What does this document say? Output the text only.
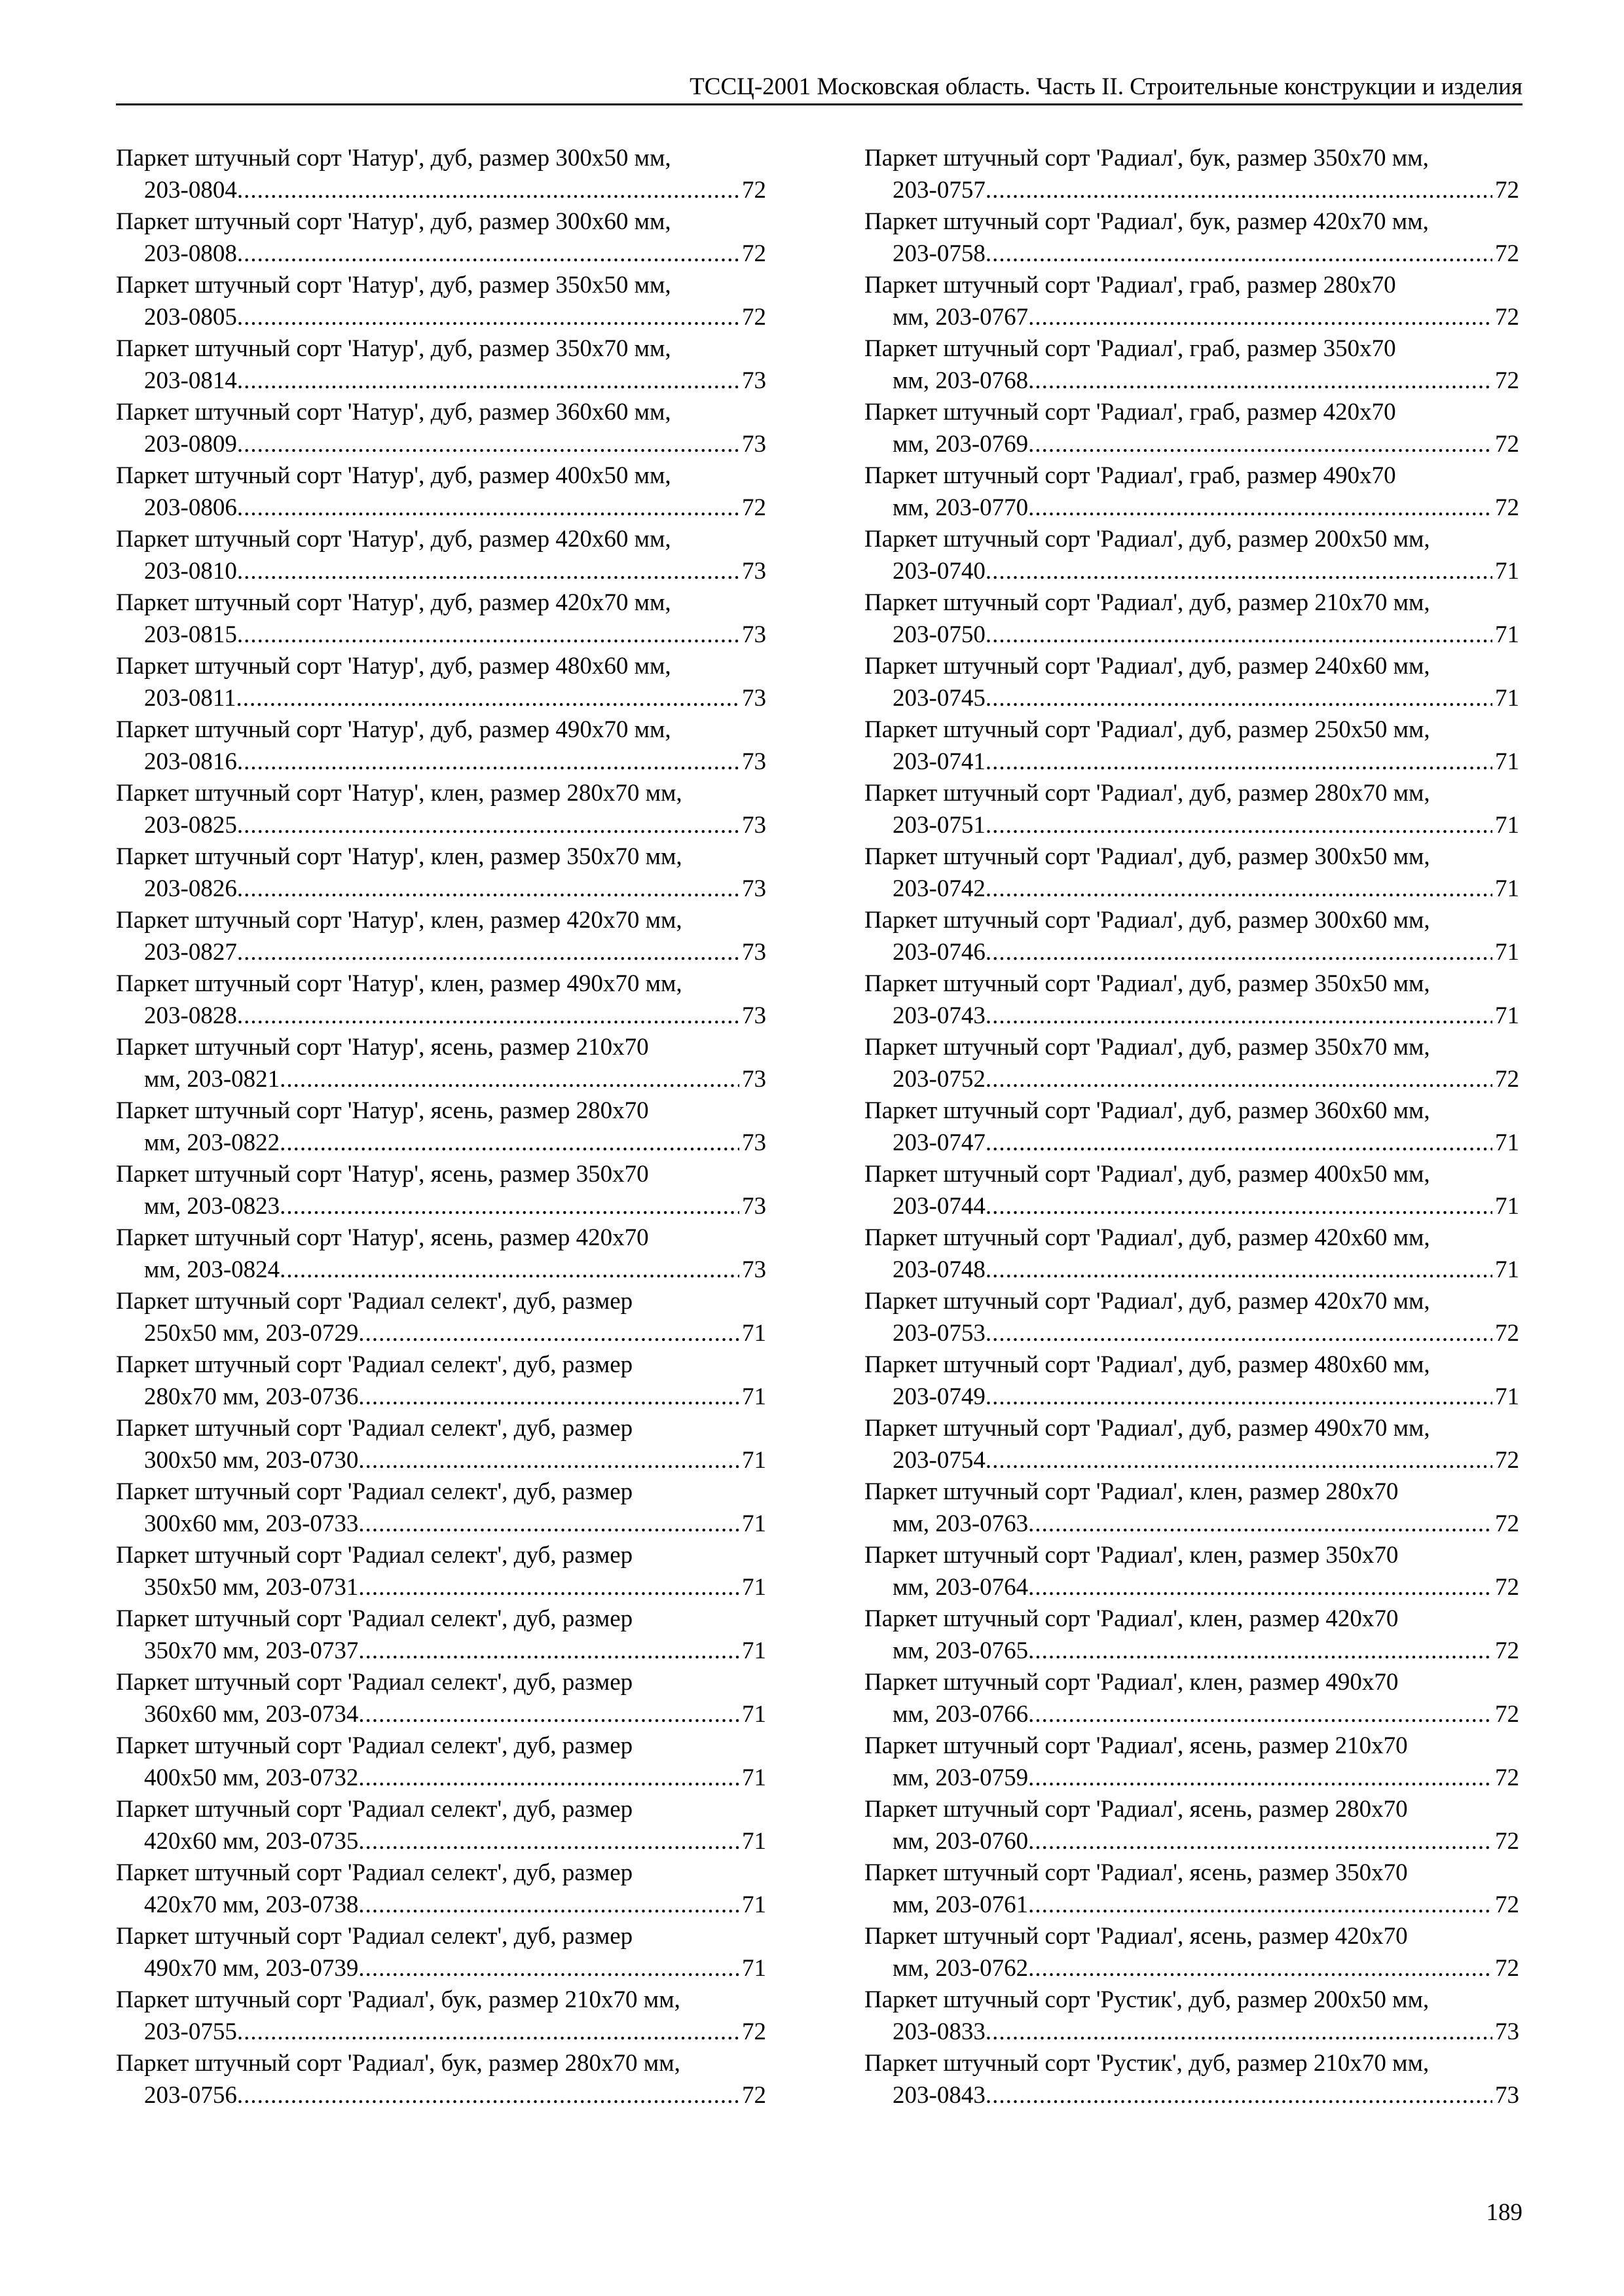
ТССЦ-2001 Московская область. Часть II. Строительные конструкции и изделия
Паркет штучный сорт 'Натур', дуб, размер 300x50 мм,
203-0804 .....	72
Паркет штучный сорт 'Натур', дуб, размер 300x60 мм,
203-0808 .....	72
Паркет штучный сорт 'Натур', дуб, размер 350x50 мм,
203-0805 .....	72
Паркет штучный сорт 'Натур', дуб, размер 350x70 мм,
203-0814 .....	73
Паркет штучный сорт 'Натур', дуб, размер 360x60 мм,
203-0809 .....	73
Паркет штучный сорт 'Натур', дуб, размер 400x50 мм,
203-0806 .....	72
Паркет штучный сорт 'Натур', дуб, размер 420x60 мм,
203-0810 .....	73
Паркет штучный сорт 'Натур', дуб, размер 420x70 мм,
203-0815 .....	73
Паркет штучный сорт 'Натур', дуб, размер 480x60 мм,
203-0811 .....	73
Паркет штучный сорт 'Натур', дуб, размер 490x70 мм,
203-0816 .....	73
Паркет штучный сорт 'Натур', клен, размер 280x70 мм,
203-0825 .....	73
Паркет штучный сорт 'Натур', клен, размер 350x70 мм,
203-0826 .....	73
Паркет штучный сорт 'Натур', клен, размер 420x70 мм,
203-0827 .....	73
Паркет штучный сорт 'Натур', клен, размер 490x70 мм,
203-0828 .....	73
Паркет штучный сорт 'Натур', ясень, размер 210x70
мм, 203-0821 .....	73
Паркет штучный сорт 'Натур', ясень, размер 280x70
мм, 203-0822 .....	73
Паркет штучный сорт 'Натур', ясень, размер 350x70
мм, 203-0823 .....	73
Паркет штучный сорт 'Натур', ясень, размер 420x70
мм, 203-0824 .....	73
Паркет штучный сорт 'Радиал селект', дуб, размер
250x50 мм, 203-0729 .....	71
Паркет штучный сорт 'Радиал селект', дуб, размер
280x70 мм, 203-0736 .....	71
Паркет штучный сорт 'Радиал селект', дуб, размер
300x50 мм, 203-0730 .....	71
Паркет штучный сорт 'Радиал селект', дуб, размер
300x60 мм, 203-0733 .....	71
Паркет штучный сорт 'Радиал селект', дуб, размер
350x50 мм, 203-0731 .....	71
Паркет штучный сорт 'Радиал селект', дуб, размер
350x70 мм, 203-0737 .....	71
Паркет штучный сорт 'Радиал селект', дуб, размер
360x60 мм, 203-0734 .....	71
Паркет штучный сорт 'Радиал селект', дуб, размер
400x50 мм, 203-0732 .....	71
Паркет штучный сорт 'Радиал селект', дуб, размер
420x60 мм, 203-0735 .....	71
Паркет штучный сорт 'Радиал селект', дуб, размер
420x70 мм, 203-0738 .....	71
Паркет штучный сорт 'Радиал селект', дуб, размер
490x70 мм, 203-0739 .....	71
Паркет штучный сорт 'Радиал', бук, размер 210x70 мм,
203-0755 .....	72
Паркет штучный сорт 'Радиал', бук, размер 280x70 мм,
203-0756 .....	72
Паркет штучный сорт 'Радиал', бук, размер 350x70 мм,
203-0757 .....	72
Паркет штучный сорт 'Радиал', бук, размер 420x70 мм,
203-0758 .....	72
Паркет штучный сорт 'Радиал', граб, размер 280x70
мм, 203-0767 .....	72
Паркет штучный сорт 'Радиал', граб, размер 350x70
мм, 203-0768 .....	72
Паркет штучный сорт 'Радиал', граб, размер 420x70
мм, 203-0769 .....	72
Паркет штучный сорт 'Радиал', граб, размер 490x70
мм, 203-0770 .....	72
Паркет штучный сорт 'Радиал', дуб, размер 200x50 мм,
203-0740 .....	71
Паркет штучный сорт 'Радиал', дуб, размер 210x70 мм,
203-0750 .....	71
Паркет штучный сорт 'Радиал', дуб, размер 240x60 мм,
203-0745 .....	71
Паркет штучный сорт 'Радиал', дуб, размер 250x50 мм,
203-0741 .....	71
Паркет штучный сорт 'Радиал', дуб, размер 280x70 мм,
203-0751 .....	71
Паркет штучный сорт 'Радиал', дуб, размер 300x50 мм,
203-0742 .....	71
Паркет штучный сорт 'Радиал', дуб, размер 300x60 мм,
203-0746 .....	71
Паркет штучный сорт 'Радиал', дуб, размер 350x50 мм,
203-0743 .....	71
Паркет штучный сорт 'Радиал', дуб, размер 350x70 мм,
203-0752 .....	72
Паркет штучный сорт 'Радиал', дуб, размер 360x60 мм,
203-0747 .....	71
Паркет штучный сорт 'Радиал', дуб, размер 400x50 мм,
203-0744 .....	71
Паркет штучный сорт 'Радиал', дуб, размер 420x60 мм,
203-0748 .....	71
Паркет штучный сорт 'Радиал', дуб, размер 420x70 мм,
203-0753 .....	72
Паркет штучный сорт 'Радиал', дуб, размер 480x60 мм,
203-0749 .....	71
Паркет штучный сорт 'Радиал', дуб, размер 490x70 мм,
203-0754 .....	72
Паркет штучный сорт 'Радиал', клен, размер 280x70
мм, 203-0763 .....	72
Паркет штучный сорт 'Радиал', клен, размер 350x70
мм, 203-0764 .....	72
Паркет штучный сорт 'Радиал', клен, размер 420x70
мм, 203-0765 .....	72
Паркет штучный сорт 'Радиал', клен, размер 490x70
мм, 203-0766 .....	72
Паркет штучный сорт 'Радиал', ясень, размер 210x70
мм, 203-0759 .....	72
Паркет штучный сорт 'Радиал', ясень, размер 280x70
мм, 203-0760 .....	72
Паркет штучный сорт 'Радиал', ясень, размер 350x70
мм, 203-0761 .....	72
Паркет штучный сорт 'Радиал', ясень, размер 420x70
мм, 203-0762 .....	72
Паркет штучный сорт 'Рустик', дуб, размер 200x50 мм,
203-0833 .....	73
Паркет штучный сорт 'Рустик', дуб, размер 210x70 мм,
203-0843 .....	73
189
